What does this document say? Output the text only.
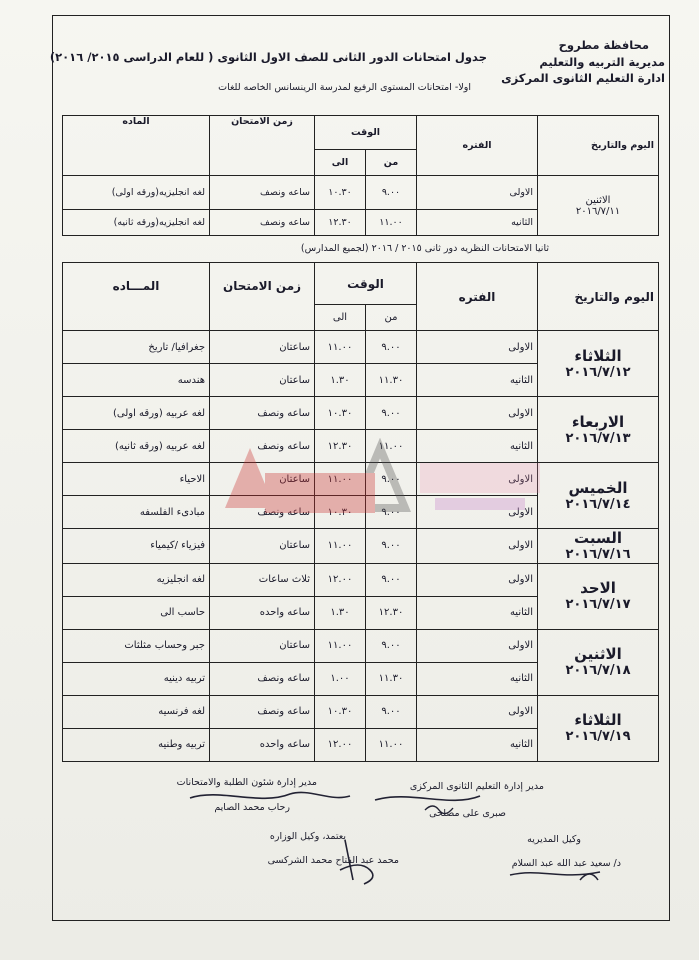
محافظة مطروح
مديرية التربيه والتعليم
ادارة التعليم الثانوى المركزى
جدول امتحانات الدور الثانى للصف الاول الثانوى ( للعام الدراسى ٢٠١٥/ ٢٠١٦)
اولا- امتحانات المستوى الرفيع لمدرسة الرينسانس الخاصه للغات
اليوم والتاريخ	الفتره	الوقت		زمن الامتحان	الماده
		من	الى		

الاثنين
٢٠١٦/٧/١١	الاولى	٩.٠٠	١٠.٣٠	ساعه ونصف	لغه انجليزيه(ورقه اولى)
	الثانيه	١١.٠٠	١٢.٣٠	ساعه ونصف	لغه انجليزيه(ورقه ثانيه)
ثانيا الامتحانات النظريه دور ثانى ٢٠١٥ / ٢٠١٦ (لجميع المدارس)
اليوم والتاريخ	الفتره	الوقت		زمن الامتحان	المـــاده
		من	الى		

الثلاثاء
٢٠١٦/٧/١٢	الاولى	٩.٠٠	١١.٠٠	ساعتان	جغرافيا/ تاريخ
	الثانيه	١١.٣٠	١.٣٠	ساعتان	هندسه

الاربعاء
٢٠١٦/٧/١٣	الاولى	٩.٠٠	١٠.٣٠	ساعه ونصف	لغه عربيه (ورقه اولى)
	الثانيه	١١.٠٠	١٢.٣٠	ساعه ونصف	لغه عربيه (ورقه ثانيه)

الخميس
٢٠١٦/٧/١٤	الاولى	٩.٠٠	١١.٠٠	ساعتان	الاحياء
	الاولى	٩.٠٠	١٠.٣٠	ساعه ونصف	مبادىء الفلسفه

السبت
٢٠١٦/٧/١٦	الاولى	٩.٠٠	١١.٠٠	ساعتان	فيزياء /كيمياء

الاحد
٢٠١٦/٧/١٧	الاولى	٩.٠٠	١٢.٠٠	ثلاث ساعات	لغه انجليزيه
	الثانيه	١٢.٣٠	١.٣٠	ساعه واحده	حاسب الى

الاثنين
٢٠١٦/٧/١٨	الاولى	٩.٠٠	١١.٠٠	ساعتان	جبر وحساب مثلثات
	الثانيه	١١.٣٠	١.٠٠	ساعه ونصف	تربيه دينيه

الثلاثاء
٢٠١٦/٧/١٩	الاولى	٩.٠٠	١٠.٣٠	ساعه ونصف	لغه فرنسيه
	الثانيه	١١.٠٠	١٢.٠٠	ساعه واحده	تربيه وطنيه
مدير إدارة شئون الطلبة والامتحانات
رحاب محمد الصايم
مدير إدارة التعليم الثانوى المركزى
صبرى على مصلحى
يعتمد، وكيل الوزاره
محمد عبد الفتاح محمد الشركسى
وكيل المديريه
د/ سعيد عبد الله عبد السلام
